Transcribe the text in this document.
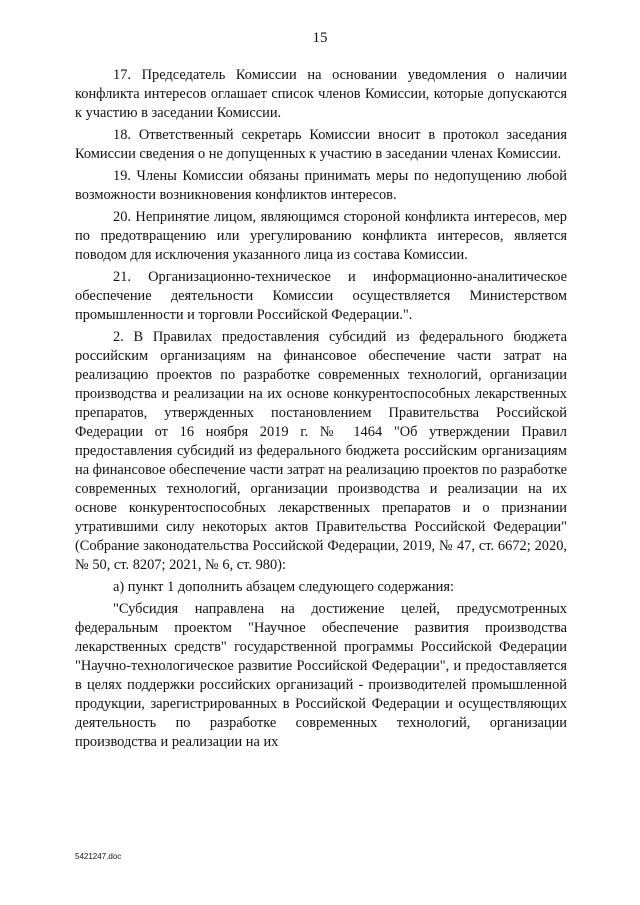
15

17. Председатель Комиссии на основании уведомления о наличии конфликта интересов оглашает список членов Комиссии, которые допускаются к участию в заседании Комиссии.

18. Ответственный секретарь Комиссии вносит в протокол заседания Комиссии сведения о не допущенных к участию в заседании членах Комиссии.

19. Члены Комиссии обязаны принимать меры по недопущению любой возможности возникновения конфликтов интересов.

20. Непринятие лицом, являющимся стороной конфликта интересов, мер по предотвращению или урегулированию конфликта интересов, является поводом для исключения указанного лица из состава Комиссии.

21. Организационно-техническое и информационно-аналитическое обеспечение деятельности Комиссии осуществляется Министерством промышленности и торговли Российской Федерации.".

2. В Правилах предоставления субсидий из федерального бюджета российским организациям на финансовое обеспечение части затрат на реализацию проектов по разработке современных технологий, организации производства и реализации на их основе конкурентоспособных лекарственных препаратов, утвержденных постановлением Правительства Российской Федерации от 16 ноября 2019 г. № 1464 "Об утверждении Правил предоставления субсидий из федерального бюджета российским организациям на финансовое обеспечение части затрат на реализацию проектов по разработке современных технологий, организации производства и реализации на их основе конкурентоспособных лекарственных препаратов и о признании утратившими силу некоторых актов Правительства Российской Федерации" (Собрание законодательства Российской Федерации, 2019, № 47, ст. 6672; 2020, № 50, ст. 8207; 2021, № 6, ст. 980):

а) пункт 1 дополнить абзацем следующего содержания:

"Субсидия направлена на достижение целей, предусмотренных федеральным проектом "Научное обеспечение развития производства лекарственных средств" государственной программы Российской Федерации "Научно-технологическое развитие Российской Федерации", и предоставляется в целях поддержки российских организаций - производителей промышленной продукции, зарегистрированных в Российской Федерации и осуществляющих деятельность по разработке современных технологий, организации производства и реализации на их

5421247.doc
